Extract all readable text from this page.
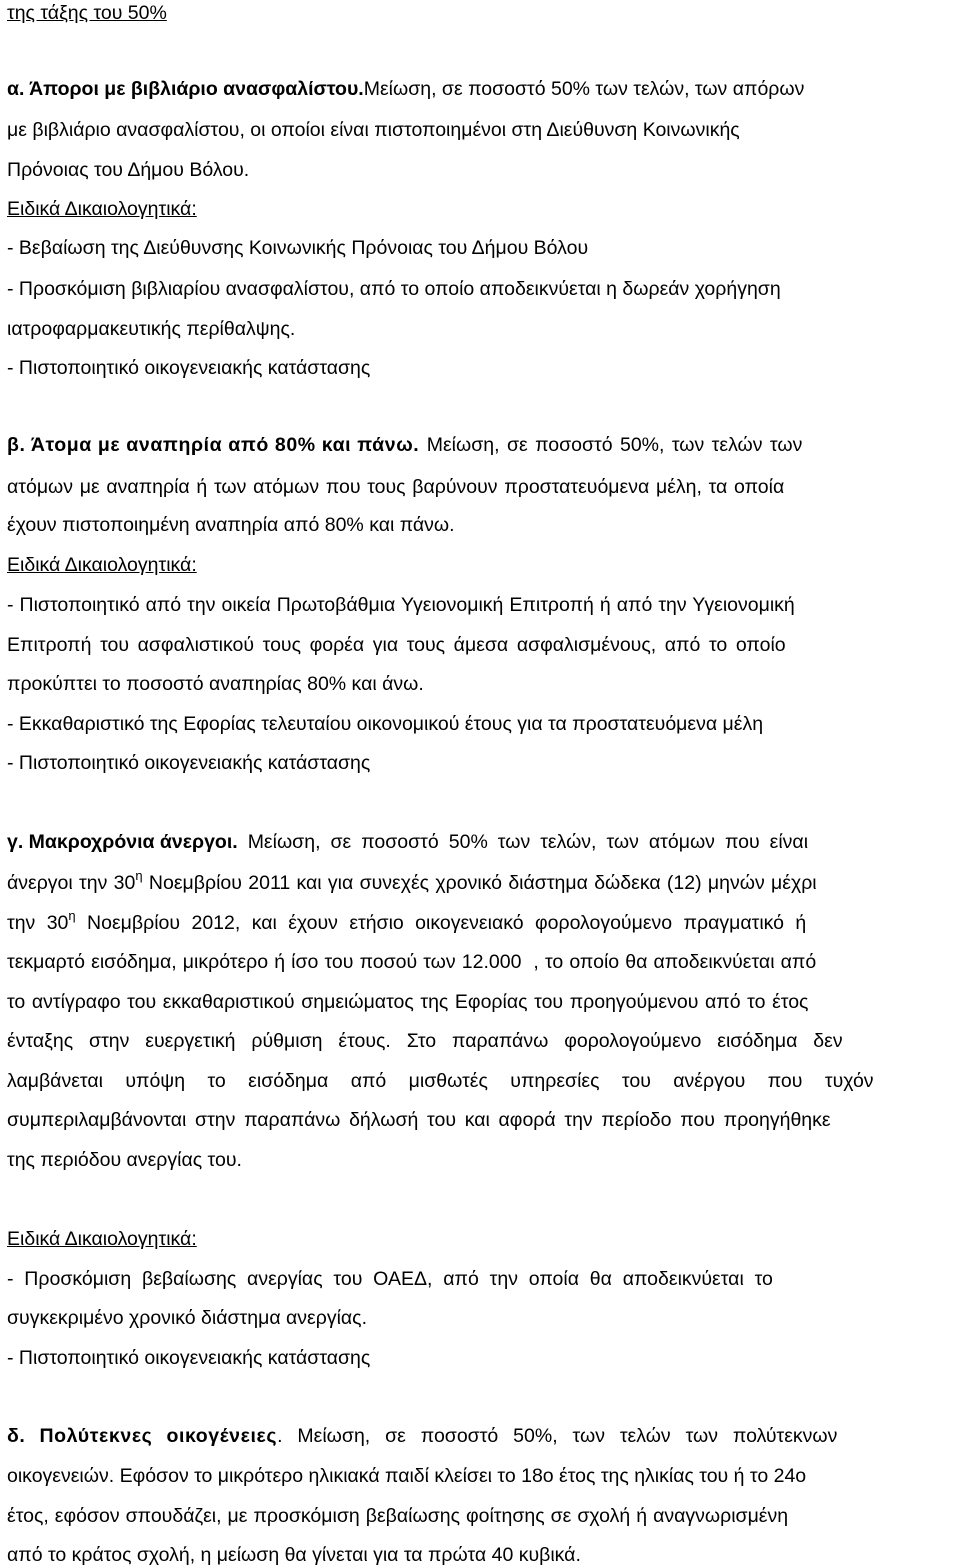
της τάξης του 50%
α. Άποροι με βιβλιάριο ανασφαλίστου.Μείωση, σε ποσοστό 50% των τελών, των απόρων
με βιβλιάριο ανασφαλίστου, οι οποίοι είναι πιστοποιημένοι στη Διεύθυνση Κοινωνικής
Πρόνοιας του Δήμου Βόλου.
Ειδικά Δικαιολογητικά:
- Βεβαίωση της Διεύθυνσης Κοινωνικής Πρόνοιας του Δήμου Βόλου
- Προσκόμιση βιβλιαρίου ανασφαλίστου, από το οποίο αποδεικνύεται η δωρεάν χορήγηση
ιατροφαρμακευτικής περίθαλψης.
- Πιστοποιητικό οικογενειακής κατάστασης
β. Άτομα με αναπηρία από 80% και πάνω. Μείωση, σε ποσοστό 50%, των τελών των
ατόμων με αναπηρία ή των ατόμων που τους βαρύνουν προστατευόμενα μέλη, τα οποία
έχουν πιστοποιημένη αναπηρία από 80% και πάνω.
Ειδικά Δικαιολογητικά:
- Πιστοποιητικό από την οικεία Πρωτοβάθμια Υγειονομική Επιτροπή ή από την Υγειονομική
Επιτροπή του ασφαλιστικού τους φορέα για τους άμεσα ασφαλισμένους, από το οποίο
προκύπτει το ποσοστό αναπηρίας 80% και άνω.
- Εκκαθαριστικό της Εφορίας τελευταίου οικονομικού έτους για τα προστατευόμενα μέλη
- Πιστοποιητικό οικογενειακής κατάστασης
γ. Μακροχρόνια άνεργοι. Μείωση, σε ποσοστό 50% των τελών, των ατόμων που είναι
άνεργοι την $30^\eta$ Νοεμβρίου 2011 και για συνεχές χρονικό διάστημα δώδεκα (12) μηνών μέχρι
την $30^\eta$ Νοεμβρίου 2012, και έχουν ετήσιο οικογενειακό φορολογούμενο πραγματικό ή
τεκμαρτό εισόδημα, μικρότερο ή ίσο του ποσού των 12.000 , το οποίο θα αποδεικνύεται από
το αντίγραφο του εκκαθαριστικού σημειώματος της Εφορίας του προηγούμενου από το έτος
ένταξης στην ευεργετική ρύθμιση έτους. Στο παραπάνω φορολογούμενο εισόδημα δεν
λαμβάνεται υπόψη το εισόδημα από μισθωτές υπηρεσίες του ανέργου που τυχόν
συμπεριλαμβάνονται στην παραπάνω δήλωσή του και αφορά την περίοδο που προηγήθηκε
της περιόδου ανεργίας του.
Ειδικά Δικαιολογητικά:
- Προσκόμιση βεβαίωσης ανεργίας του ΟΑΕΔ, από την οποία θα αποδεικνύεται το
συγκεκριμένο χρονικό διάστημα ανεργίας.
- Πιστοποιητικό οικογενειακής κατάστασης
δ. Πολύτεκνες οικογένειες. Μείωση, σε ποσοστό 50%, των τελών των πολύτεκνων
οικογενειών. Εφόσον το μικρότερο ηλικιακά παιδί κλείσει το 18ο έτος της ηλικίας του ή το 24ο
έτος, εφόσον σπουδάζει, με προσκόμιση βεβαίωσης φοίτησης σε σχολή ή αναγνωρισμένη
από το κράτος σχολή, η μείωση θα γίνεται για τα πρώτα 40 κυβικά.
